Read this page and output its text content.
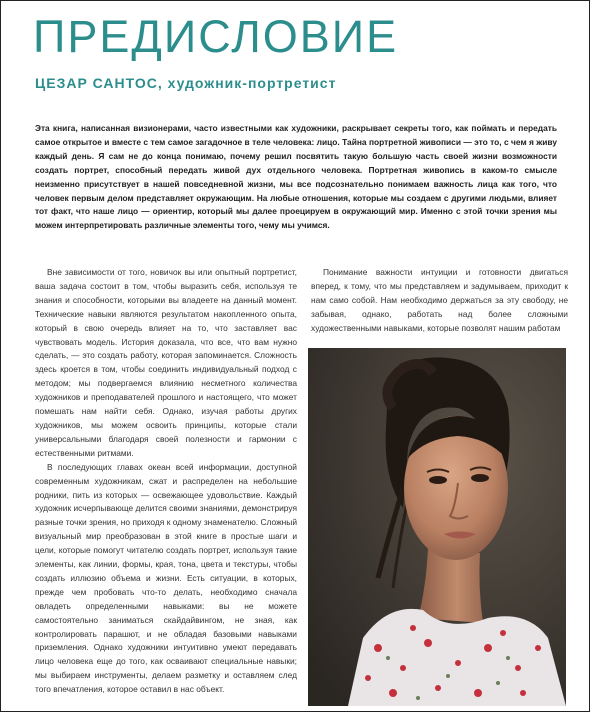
ПРЕДИСЛОВИЕ
ЦЕЗАР САНТОС, художник-портретист

Эта книга, написанная визионерами, часто известными как художники, раскрывает секреты того, как поймать и передать самое открытое и вместе с тем самое загадочное в теле человека: лицо. Тайна портретной живописи — это то, с чем я живу каждый день. Я сам не до конца понимаю, почему решил посвятить такую большую часть своей жизни возможности создать портрет, способный передать живой дух отдельного человека. Портретная живопись в каком-то смысле неизменно присутствует в нашей повседневной жизни, мы все подсознательно понимаем важность лица как того, что человек первым делом представляет окружающим. На любые отношения, которые мы создаем с другими людьми, влияет тот факт, что наше лицо — ориентир, который мы далее проецируем в окружающий мир. Именно с этой точки зрения мы можем интерпретировать различные элементы того, чему мы учимся.

Вне зависимости от того, новичок вы или опытный портретист, ваша задача состоит в том, чтобы выразить себя, используя те знания и способности, которыми вы владеете на данный момент. Технические навыки являются результатом накопленного опыта, который в свою очередь влияет на то, что заставляет вас чувствовать модель. История доказала, что все, что вам нужно сделать, — это создать работу, которая запоминается. Сложность здесь кроется в том, чтобы соединить индивидуальный подход с методом; мы подвергаемся влиянию несметного количества художников и преподавателей прошлого и настоящего, что может помешать нам найти себя. Однако, изучая работы других художников, мы можем освоить принципы, которые стали универсальными благодаря своей полезности и гармонии с естественными ритмами.

В последующих главах океан всей информации, доступной современным художникам, сжат и распределен на небольшие родники, пить из которых — освежающее удовольствие. Каждый художник исчерпывающе делится своими знаниями, демонстрируя разные точки зрения, но приходя к одному знаменателю. Сложный визуальный мир преобразован в этой книге в простые шаги и цели, которые помогут читателю создать портрет, используя такие элементы, как линии, формы, края, тона, цвета и текстуры, чтобы создать иллюзию объема и жизни. Есть ситуации, в которых, прежде чем пробовать что-то делать, необходимо сначала овладеть определенными навыками: вы не можете самостоятельно заниматься скайдайвингом, не зная, как контролировать парашют, и не обладая базовыми навыками приземления. Однако художники интуитивно умеют передавать лицо человека еще до того, как осваивают специальные навыки; мы выбираем инструменты, делаем разметку и оставляем след того впечатления, которое оставил в нас объект.

Понимание важности интуиции и готовности двигаться вперед, к тому, что мы представляем и задумываем, приходит к нам само собой. Нам необходимо держаться за эту свободу, не забывая, однако, работать над более сложными художественными навыками, которые позволят нашим работам
